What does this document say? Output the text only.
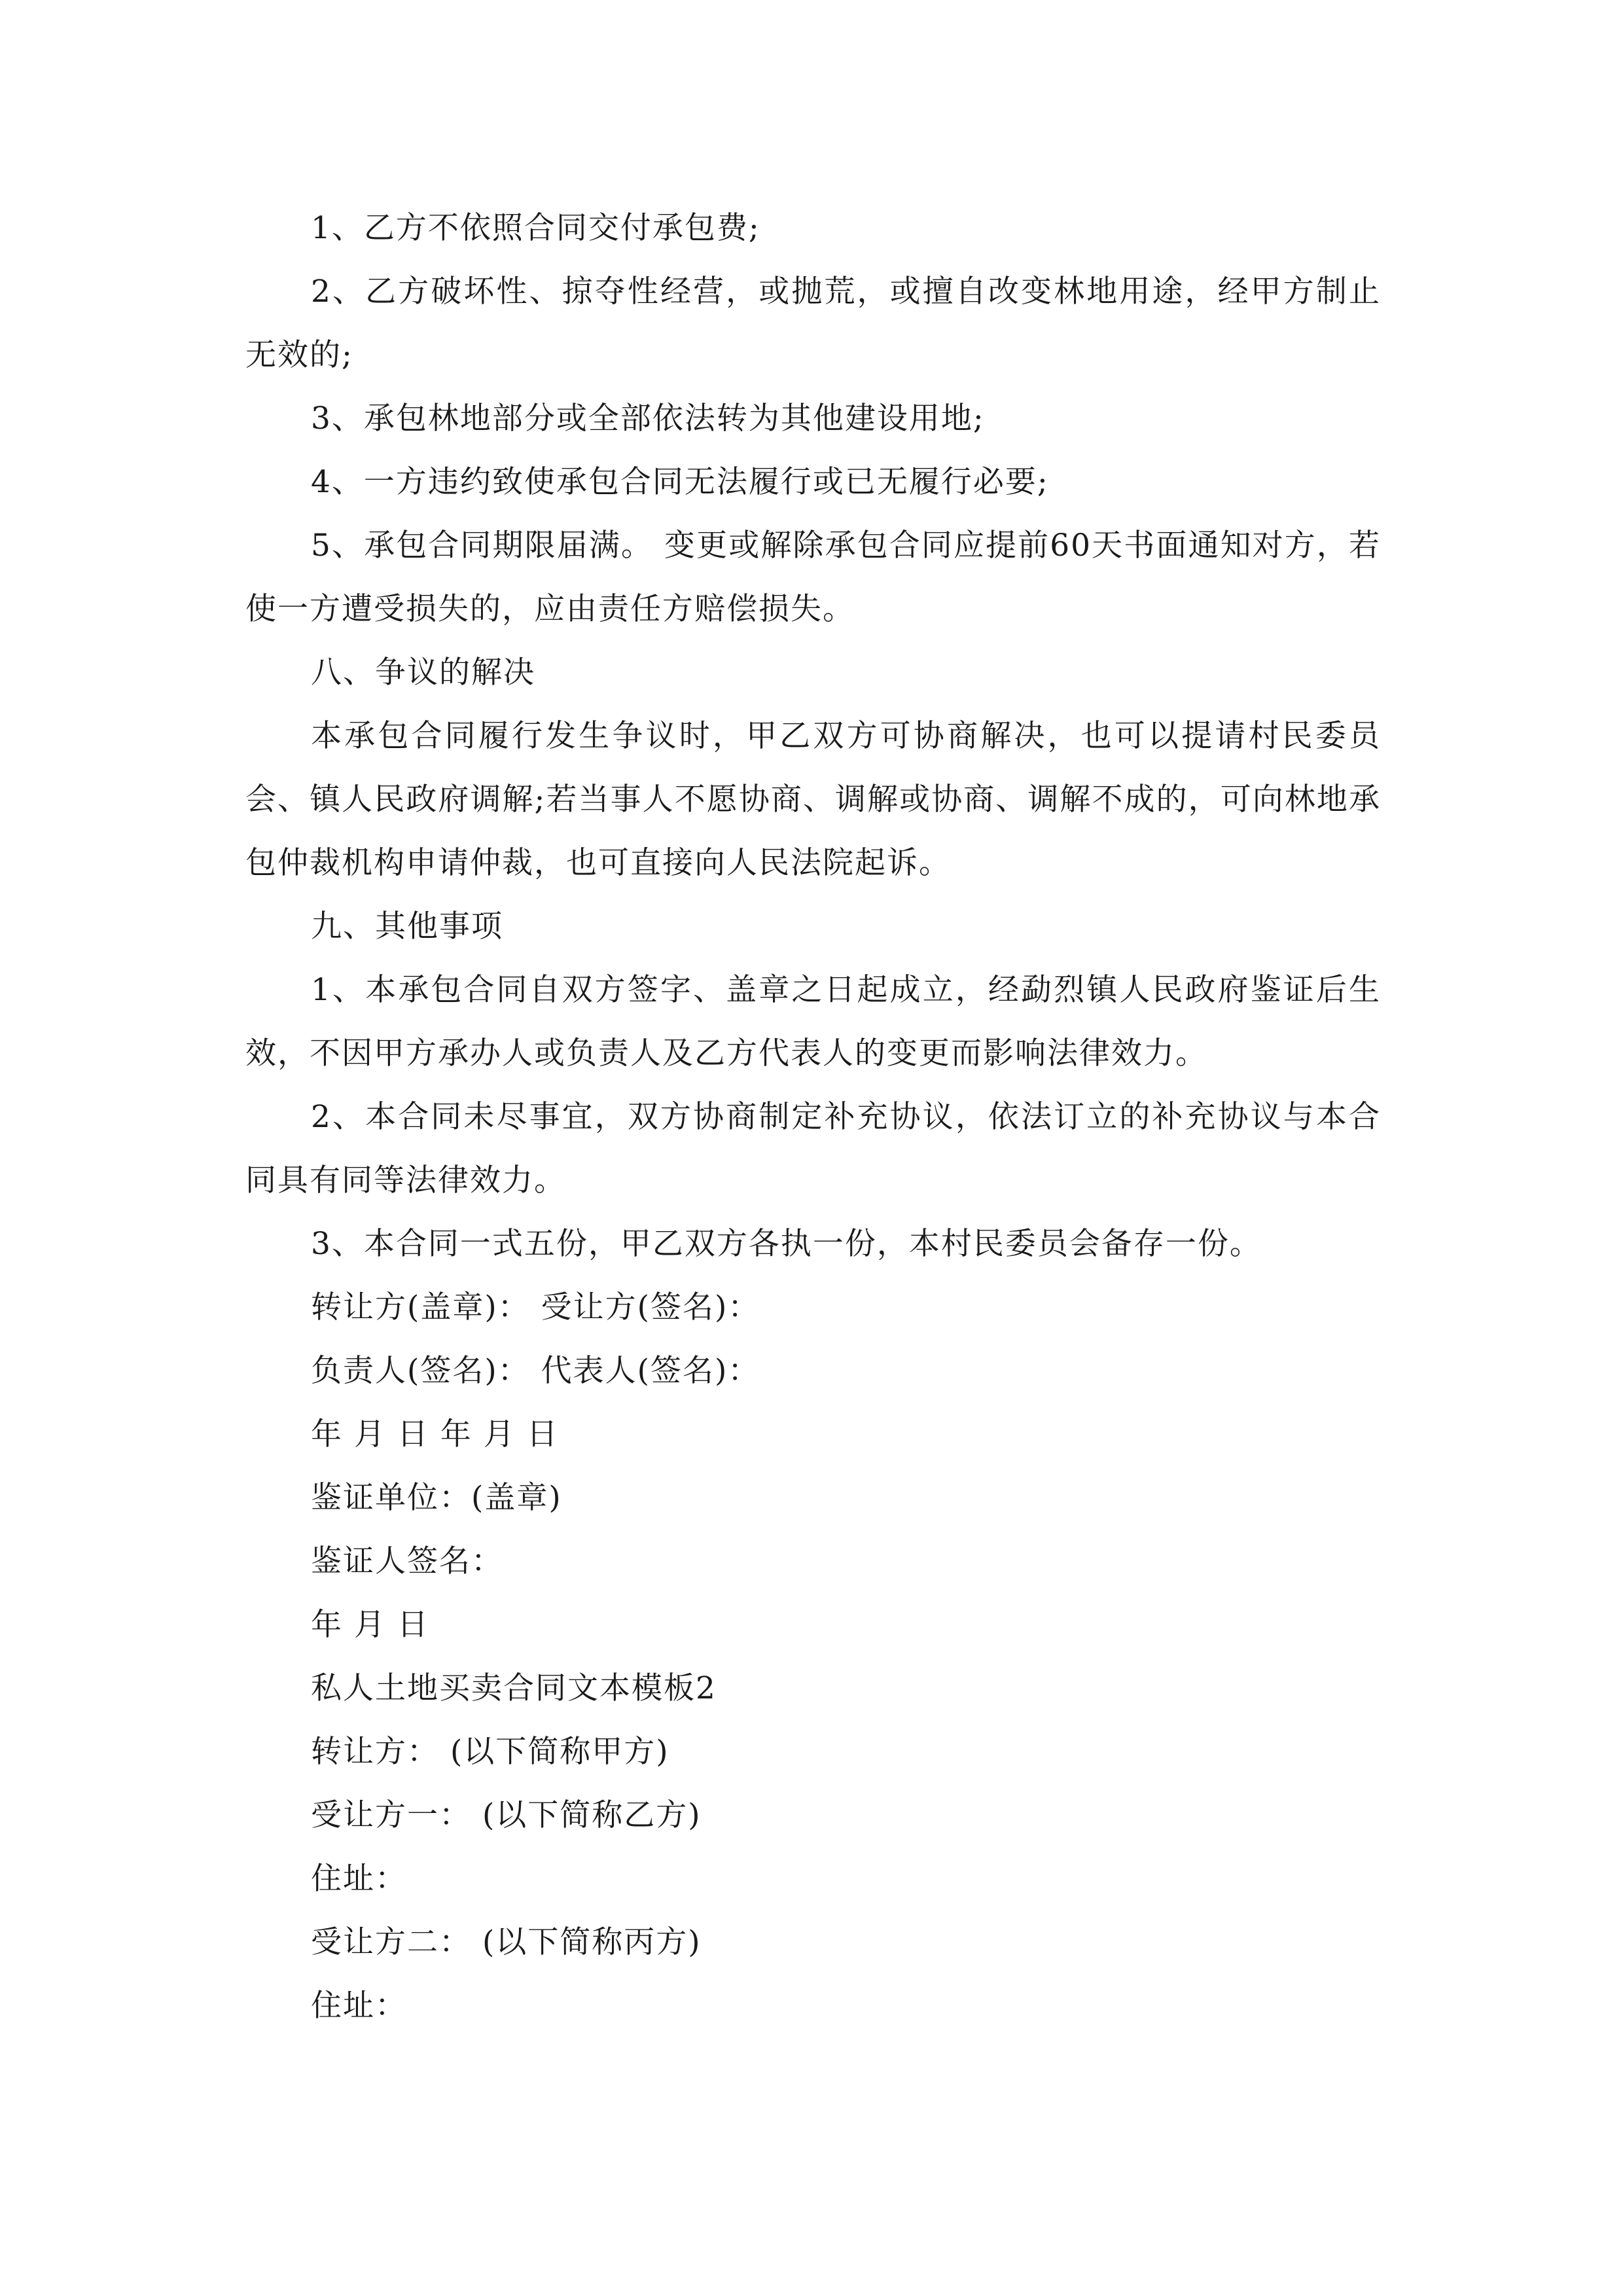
1、乙方不依照合同交付承包费;

2、乙方破坏性、掠夺性经营，或抛荒，或擅自改变林地用途，经甲方制止无效的;

3、承包林地部分或全部依法转为其他建设用地;

4、一方违约致使承包合同无法履行或已无履行必要;

5、承包合同期限届满。 变更或解除承包合同应提前60天书面通知对方，若使一方遭受损失的，应由责任方赔偿损失。

八、争议的解决

本承包合同履行发生争议时，甲乙双方可协商解决，也可以提请村民委员会、镇人民政府调解;若当事人不愿协商、调解或协商、调解不成的，可向林地承包仲裁机构申请仲裁，也可直接向人民法院起诉。

九、其他事项

1、本承包合同自双方签字、盖章之日起成立，经勐烈镇人民政府鉴证后生效，不因甲方承办人或负责人及乙方代表人的变更而影响法律效力。

2、本合同未尽事宜，双方协商制定补充协议，依法订立的补充协议与本合同具有同等法律效力。

3、本合同一式五份，甲乙双方各执一份，本村民委员会备存一份。

转让方(盖章)： 受让方(签名)：

负责人(签名)： 代表人(签名)：

年 月 日 年 月 日

鉴证单位：(盖章)

鉴证人签名：

年 月 日

私人土地买卖合同文本模板2

转让方： (以下简称甲方)

受让方一： (以下简称乙方)

住址：

受让方二： (以下简称丙方)

住址：
